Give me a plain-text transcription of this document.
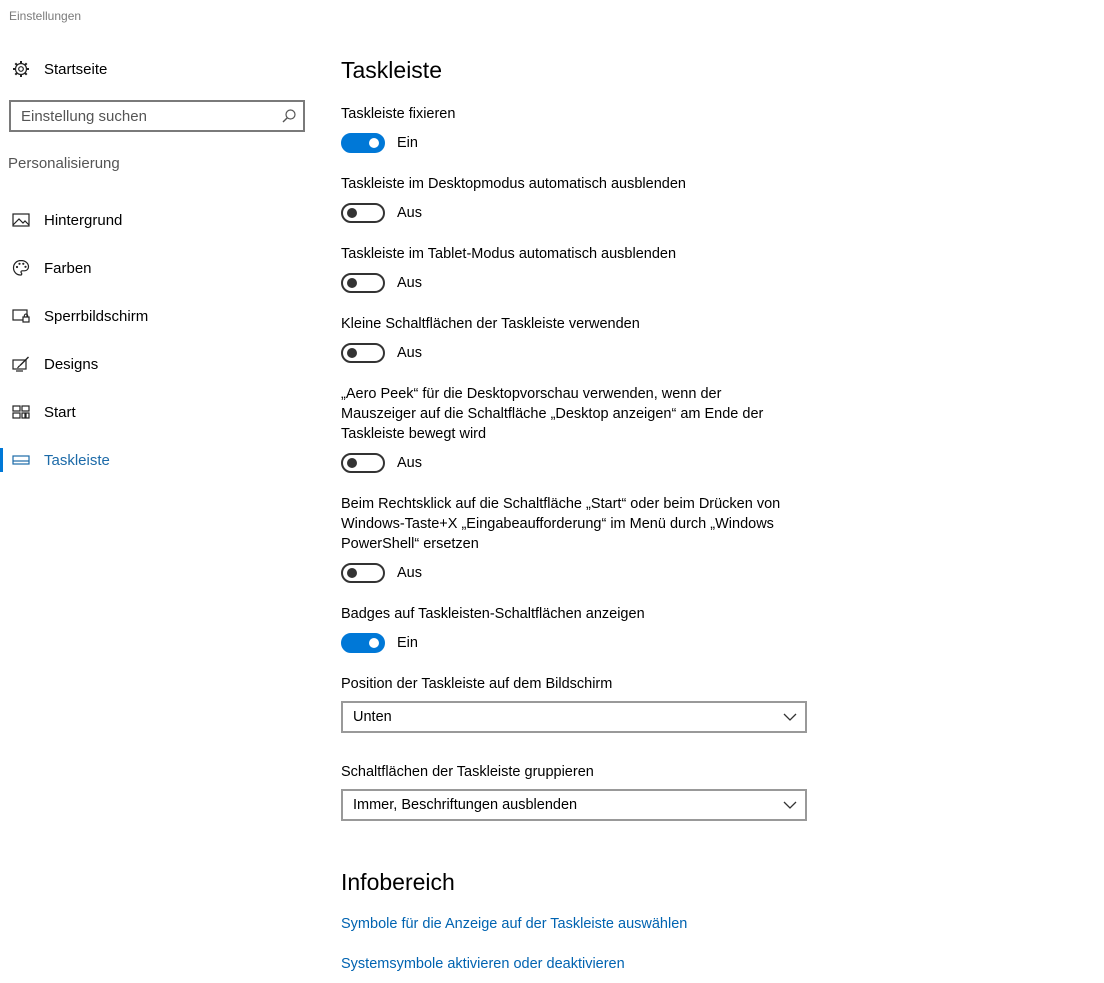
Einstellungen
Startseite
Einstellung suchen
Personalisierung
Hintergrund
Farben
Sperrbildschirm
Designs
Start
Taskleiste
Taskleiste
Taskleiste fixieren
Ein
Taskleiste im Desktopmodus automatisch ausblenden
Aus
Taskleiste im Tablet-Modus automatisch ausblenden
Aus
Kleine Schaltflächen der Taskleiste verwenden
Aus
„Aero Peek“ für die Desktopvorschau verwenden, wenn der Mauszeiger auf die Schaltfläche „Desktop anzeigen“ am Ende der Taskleiste bewegt wird
Aus
Beim Rechtsklick auf die Schaltfläche „Start“ oder beim Drücken von Windows-Taste+X „Eingabeaufforderung“ im Menü durch „Windows PowerShell“ ersetzen
Aus
Badges auf Taskleisten-Schaltflächen anzeigen
Ein
Position der Taskleiste auf dem Bildschirm
Unten
Schaltflächen der Taskleiste gruppieren
Immer, Beschriftungen ausblenden
Infobereich
Symbole für die Anzeige auf der Taskleiste auswählen
Systemsymbole aktivieren oder deaktivieren
